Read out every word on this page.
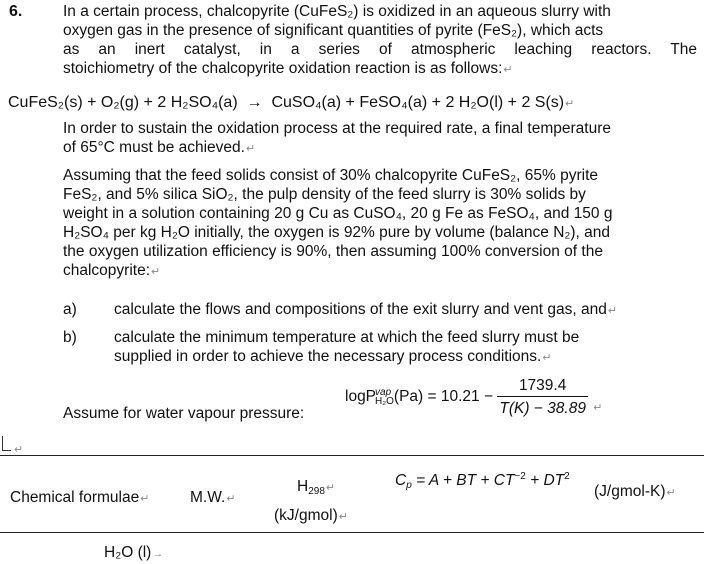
6.	In a certain process, chalcopyrite (CuFeS₂) is oxidized in an aqueous slurry with
oxygen gas in the presence of significant quantities of pyrite (FeS₂), which acts
as an inert catalyst, in a series of atmospheric leaching reactors. The
stoichiometry of the chalcopyrite oxidation reaction is as follows:↵
CuFeS₂(s) + O₂(g) + 2 H₂SO₄(a)  →  CuSO₄(a) + FeSO₄(a) + 2 H₂O(l) + 2 S(s)↵
In order to sustain the oxidation process at the required rate, a final temperature
of 65°C must be achieved.↵
Assuming that the feed solids consist of 30% chalcopyrite CuFeS₂, 65% pyrite
FeS₂, and 5% silica SiO₂, the pulp density of the feed slurry is 30% solids by
weight in a solution containing 20 g Cu as CuSO₄, 20 g Fe as FeSO₄, and 150 g
H₂SO₄ per kg H₂O initially, the oxygen is 92% pure by volume (balance N₂), and
the oxygen utilization efficiency is 90%, then assuming 100% conversion of the
chalcopyrite:↵
a) calculate the flows and compositions of the exit slurry and vent gas, and↵
b) calculate the minimum temperature at which the feed slurry must be
supplied in order to achieve the necessary process conditions.↵
logP vap
H₂O $(Pa) = 10.21 - \frac{1739.4}{T(K) - 38.89} _↵$
Assume for water vapour pressure:
↵
Chemical formulae↵	M.W.↵
$H_{298}↵$
(kJ/gmol)↵
$C_p = A$ + BT + $CT^{-2} + DT^2$
(J/gmol-K)↵
H₂O (l)→
